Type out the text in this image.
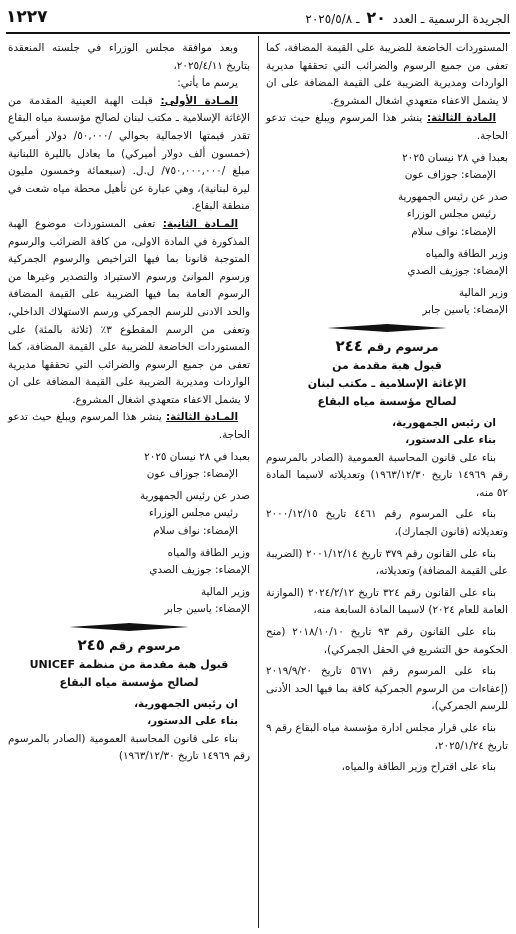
الجريدة الرسمية ـ العدد ٢٠ ـ ٢٠٢٥/٥/٨
١٢٢٧

المستوردات الخاضعة للضريبة على القيمة المضافة، كما تعفى من جميع الرسوم والضرائب التي تحققها مديرية الواردات ومديرية الضريبة على القيمة المضافة على ان لا يشمل الاعفاء متعهدي اشغال المشروع.

المادة الثالثة: ينشر هذا المرسوم ويبلغ حيث تدعو الحاجة.

بعبدا في ٢٨ نيسان ٢٠٢٥

الإمضاء: جوزاف عون

صدر عن رئيس الجمهورية

رئيس مجلس الوزراء

الإمضاء: نواف سلام

وزير الطاقة والمياه

الإمضاء: جوزيف الصدي

وزير المالية

الإمضاء: ياسين جابر

مرسوم رقم ٢٤٤

قبول هبة مقدمة من

الإغاثة الإسلامية ـ مكتب لبنان

لصالح مؤسسة مياه البقاع

ان رئيس الجمهورية،

بناء على الدستور،

بناء على قانون المحاسبة العمومية (الصادر بالمرسوم رقم ١٤٩٦٩ تاريخ ١٩٦٣/١٢/٣٠) وتعديلاته لاسيما المادة ٥٢ منه،

بناء على المرسوم رقم ٤٤٦١ تاريخ ٢٠٠٠/١٢/١٥ وتعديلاته (قانون الجمارك)،

بناء على القانون رقم ٣٧٩ تاريخ ٢٠٠١/١٢/١٤ (الضريبة على القيمة المضافة) وتعديلاته،

بناء على القانون رقم ٣٢٤ تاريخ ٢٠٢٤/٢/١٢ (الموازنة العامة للعام ٢٠٢٤) لاسيما المادة السابعة منه،

بناء على القانون رقم ٩٣ تاريخ ٢٠١٨/١٠/١٠ (منح الحكومة حق التشريع في الحقل الجمركي)،

بناء على المرسوم رقم ٥٦٧١ تاريخ ٢٠١٩/٩/٢٠ (إعفاءات من الرسوم الجمركية كافة بما فيها الحد الأدنى للرسم الجمركي)،

بناء على قرار مجلس ادارة مؤسسة مياه البقاع رقم ٩ تاريخ ٢٠٢٥/١/٢٤،

بناء على اقتراح وزير الطاقة والمياه،

وبعد موافقة مجلس الوزراء في جلسته المنعقدة بتاريخ ٢٠٢٥/٤/١١،

يرسم ما يأتي:

المـادة الأولى: قبلت الهبة العينية المقدمة من الإغاثة الإسلامية ـ مكتب لبنان لصالح مؤسسة مياه البقاع تقدر قيمتها الاجمالية بحوالي ‎/٥٠,٠٠٠/‎ دولار أميركي (خمسون ألف دولار أميركي) ما يعادل بالليرة اللبنانية مبلغ ‎/٧٥٠,٠٠٠,٠٠٠/‎ ل.ل. (سبعمائة وخمسون مليون ليرة لبنانية)، وهي عبارة عن تأهيل محطة مياه شعت في منطقة البقاع.

المـادة الثانية: تعفى المستوردات موضوع الهبة المذكورة في المادة الاولى، من كافة الضرائب والرسوم المتوجبة قانونا بما فيها التراخيص والرسوم الجمركية ورسوم الموانئ ورسوم الاستيراد والتصدير وغيرها من الرسوم العامة بما فيها الضريبة على القيمة المضافة والحد الادنى للرسم الجمركي ورسم الاستهلاك الداخلي، وتعفى من الرسم المقطوع ٣٪ (ثلاثة بالمئة) على المستوردات الخاضعة للضريبة على القيمة المضافة، كما تعفى من جميع الرسوم والضرائب التي تحققها مديرية الواردات ومديرية الضريبة على القيمة المضافة على ان لا يشمل الاعفاء متعهدي اشغال المشروع.

المـادة الثالثة: ينشر هذا المرسوم ويبلغ حيث تدعو الحاجة.

بعبدا في ٢٨ نيسان ٢٠٢٥

الإمضاء: جوزاف عون

صدر عن رئيس الجمهورية

رئيس مجلس الوزراء

الإمضاء: نواف سلام

وزير الطاقة والمياه

الإمضاء: جوزيف الصدي

وزير المالية

الإمضاء: ياسين جابر

مرسوم رقم ٢٤٥

قبول هبة مقدمة من منظمة UNICEF

لصالح مؤسسة مياه البقاع

ان رئيس الجمهورية،

بناء على الدستور،

بناء على قانون المحاسبة العمومية (الصادر بالمرسوم رقم ١٤٩٦٩ تاريخ ١٩٦٣/١٢/٣٠)
